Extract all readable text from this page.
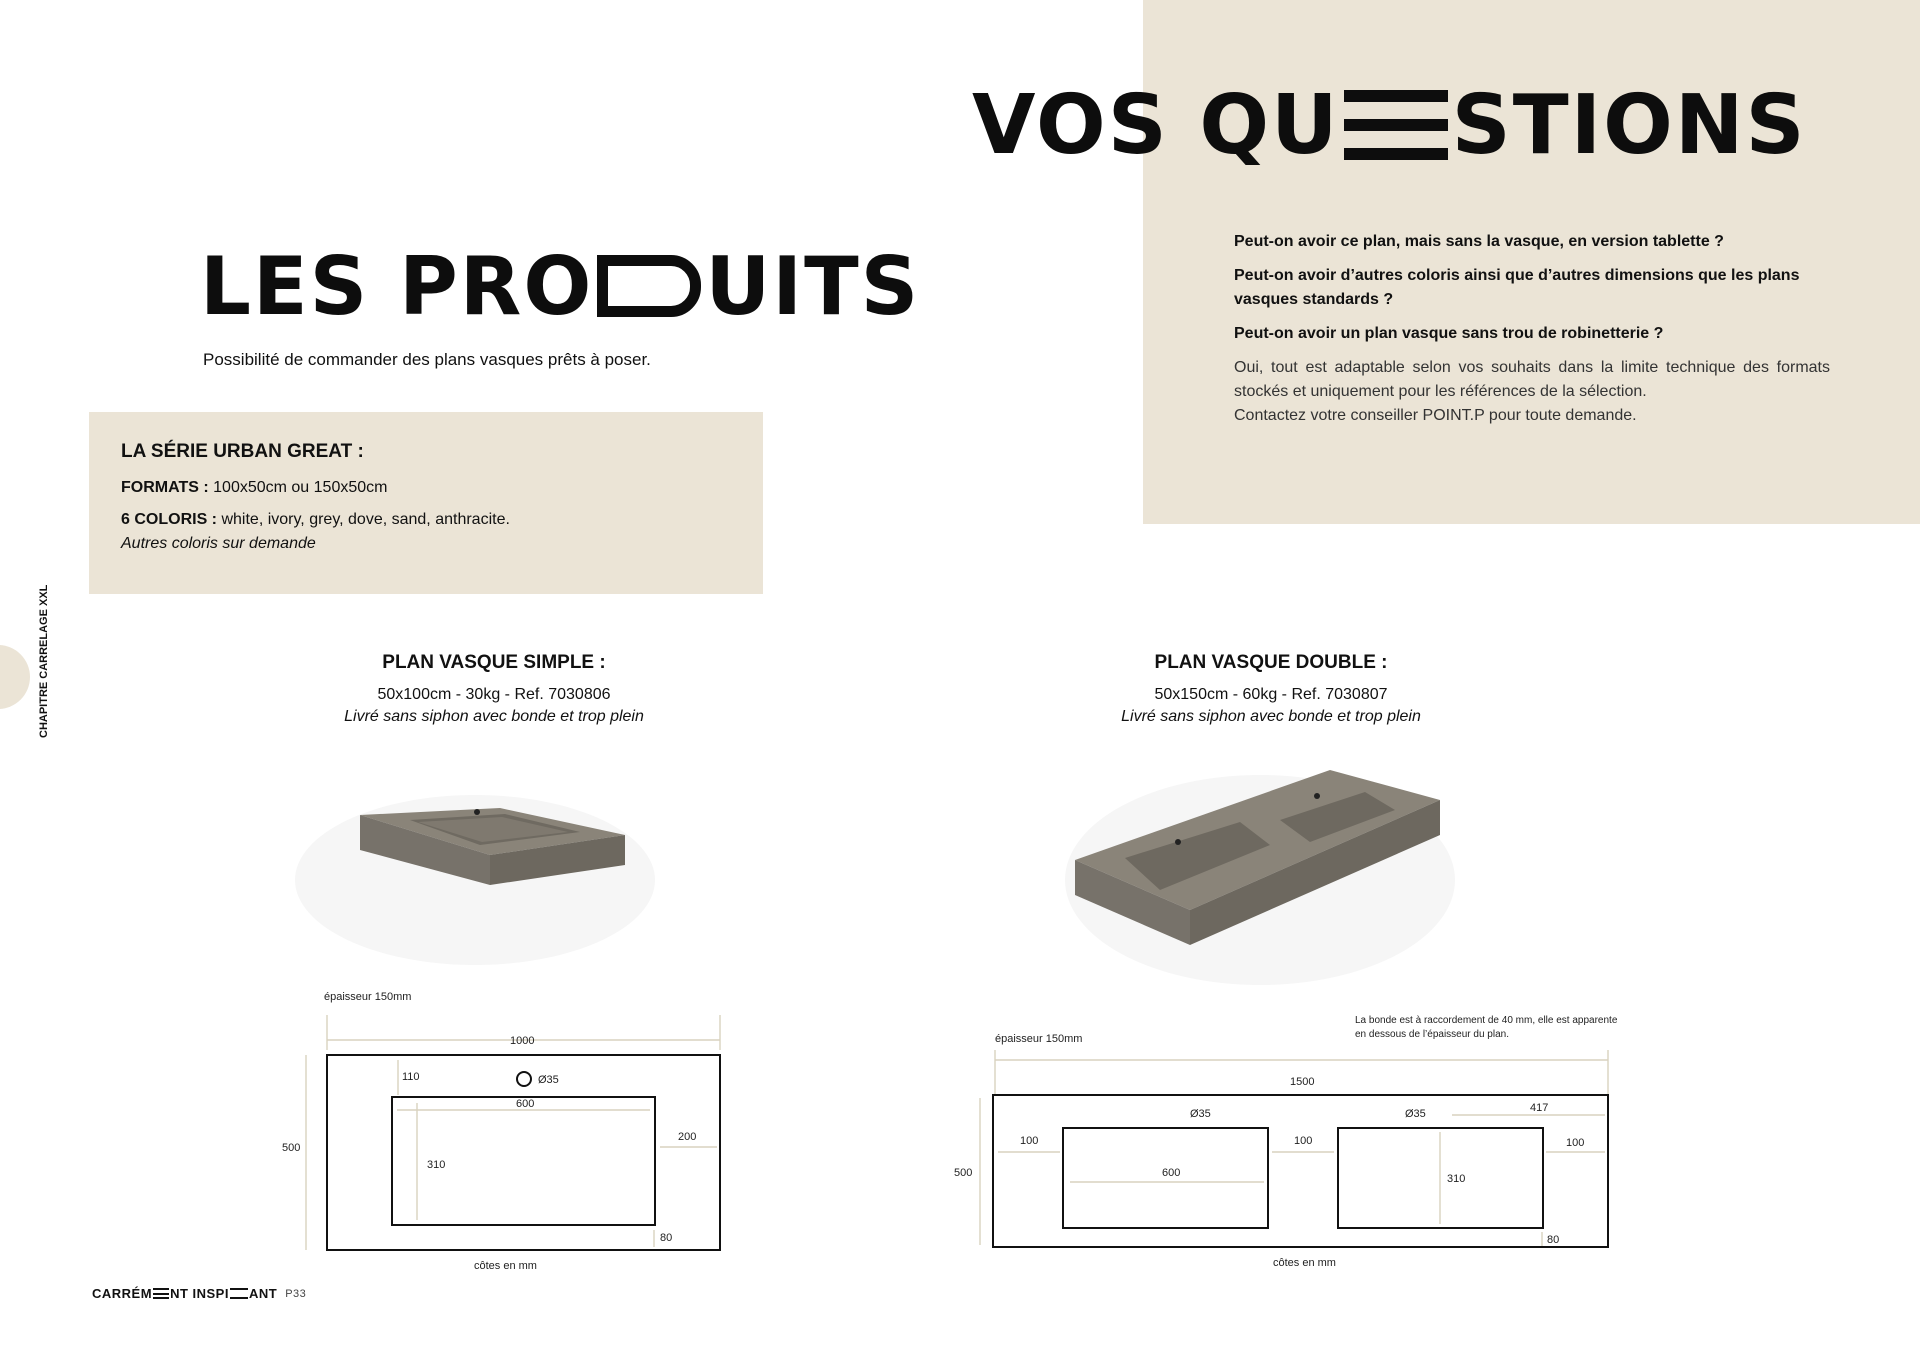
CHAPITRE CARRELAGE XXL
VOS QU STIONS
Peut-on avoir ce plan, mais sans la vasque, en version tablette ?
Peut-on avoir d’autres coloris ainsi que d’autres dimensions que les plans vasques standards ?
Peut-on avoir un plan vasque sans trou de robinetterie ?
Oui, tout est adaptable selon vos souhaits dans la limite technique des formats stockés et uniquement pour les références de la sélection.
Contactez votre conseiller POINT.P pour toute demande.
LES PRO UITS
Possibilité de commander des plans vasques prêts à poser.
LA SÉRIE URBAN GREAT :
FORMATS : 100x50cm ou 150x50cm
6 COLORIS : white, ivory, grey, dove, sand, anthracite.
Autres coloris sur demande
PLAN VASQUE SIMPLE :
50x100cm - 30kg - Ref. 7030806
Livré sans siphon avec bonde et trop plein
PLAN VASQUE DOUBLE :
50x150cm - 60kg - Ref. 7030807
Livré sans siphon avec bonde et trop plein
épaisseur 150mm
1000
500
110	Ø35
600
310
200
80
côtes en mm
épaisseur 150mm
La bonde est à raccordement de 40 mm, elle est apparente
en dessous de l’épaisseur du plan.
1500
500
100	100	100
Ø35	Ø35	417
600	310
80
côtes en mm
CARRÉM NT INSPI ANT P33
